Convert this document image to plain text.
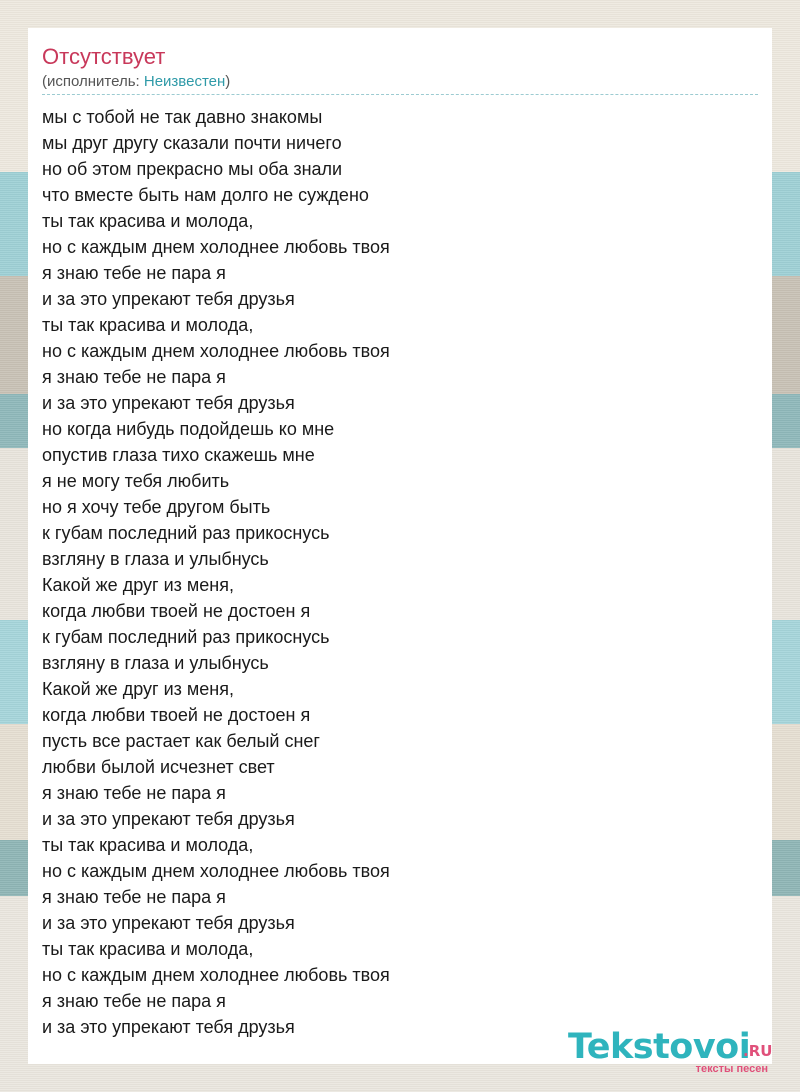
Отсутствует
(исполнитель: Неизвестен)
мы с тобой не так давно знакомы
мы друг другу сказали почти ничего
но об этом прекрасно мы оба знали
что вместе быть нам долго не суждено
ты так красива и молода,
но с каждым днем холоднее любовь твоя
я знаю тебе не пара я
и за это упрекают тебя друзья
ты так красива и молода,
но с каждым днем холоднее любовь твоя
я знаю тебе не пара я
и за это упрекают тебя друзья
но когда нибудь подойдешь ко мне
опустив глаза тихо скажешь мне
я не могу тебя любить
но я хочу тебе другом быть
к губам последний раз прикоснусь
взгляну в глаза и улыбнусь
Какой же друг из меня,
когда любви твоей не достоен я
к губам последний раз прикоснусь
взгляну в глаза и улыбнусь
Какой же друг из меня,
когда любви твоей не достоен я
пусть все растает как белый снег
любви былой исчезнет свет
я знаю тебе не пара я
и за это упрекают тебя друзья
ты так красива и молода,
но с каждым днем холоднее любовь твоя
я знаю тебе не пара я
и за это упрекают тебя друзья
ты так красива и молода,
но с каждым днем холоднее любовь твоя
я знаю тебе не пара я
и за это упрекают тебя друзья	Tekstovoi
.RU
тексты песен
